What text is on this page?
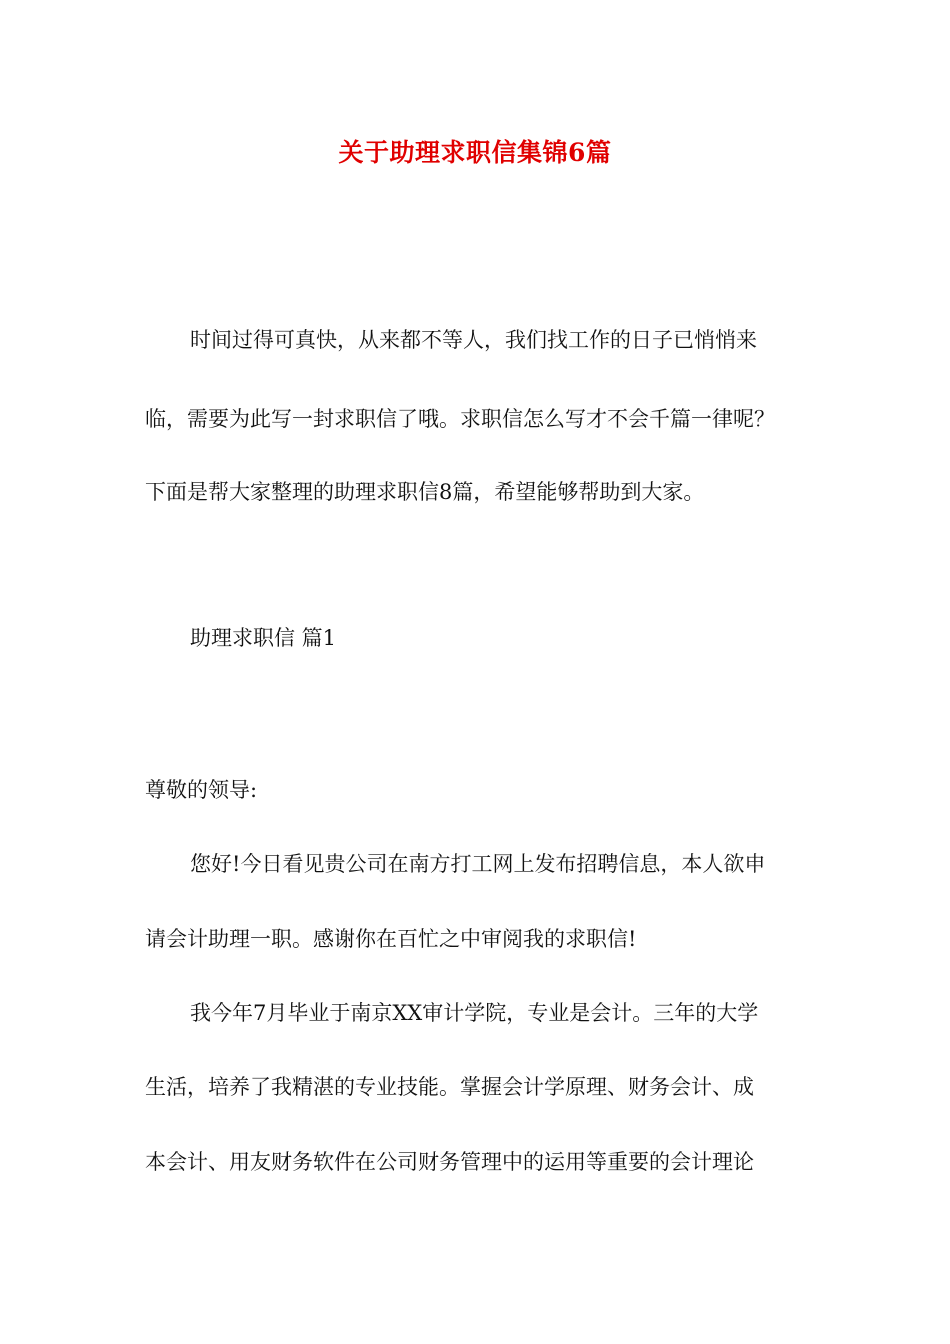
关于助理求职信集锦6篇
时间过得可真快，从来都不等人，我们找工作的日子已悄悄来
临，需要为此写一封求职信了哦。求职信怎么写才不会千篇一律呢？
下面是帮大家整理的助理求职信8篇，希望能够帮助到大家。
助理求职信 篇1
尊敬的领导:
您好!今日看见贵公司在南方打工网上发布招聘信息，本人欲申
请会计助理一职。感谢你在百忙之中审阅我的求职信!
我今年7月毕业于南京XX审计学院，专业是会计。三年的大学
生活，培养了我精湛的专业技能。掌握会计学原理、财务会计、成
本会计、用友财务软件在公司财务管理中的运用等重要的会计理论
